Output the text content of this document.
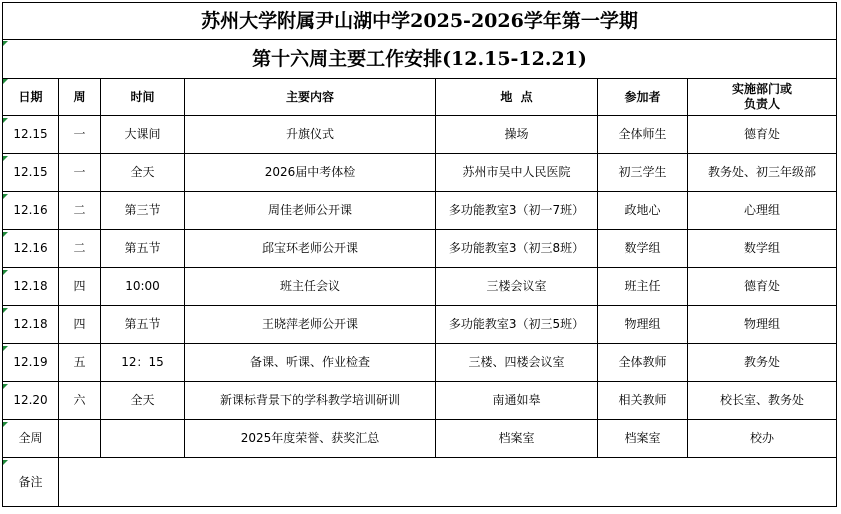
苏州大学附属尹山湖中学2025-2026学年第一学期						
第十六周主要工作安排(12.15-12.21)						
日期	周	时间	主要内容	地  点	参加者	实施部门或
负责人

12.15	一	大课间	升旗仪式	操场	全体师生	德育处
12.15	一	全天	2026届中考体检	苏州市吴中人民医院	初三学生	教务处、初三年级部
12.16	二	第三节	周佳老师公开课	多功能教室3（初一7班）	政地心	心理组
12.16	二	第五节	邱宝环老师公开课	多功能教室3（初三8班）	数学组	数学组
12.18	四	10:00	班主任会议	三楼会议室	班主任	德育处
12.18	四	第五节	王晓萍老师公开课	多功能教室3（初三5班）	物理组	物理组
12.19	五	12：15	备课、听课、作业检查	三楼、四楼会议室	全体教师	教务处
12.20	六	全天	新课标背景下的学科教学培训研训	南通如皋	相关教师	校长室、教务处
全周			2025年度荣誉、获奖汇总	档案室	档案室	校办
备注						
